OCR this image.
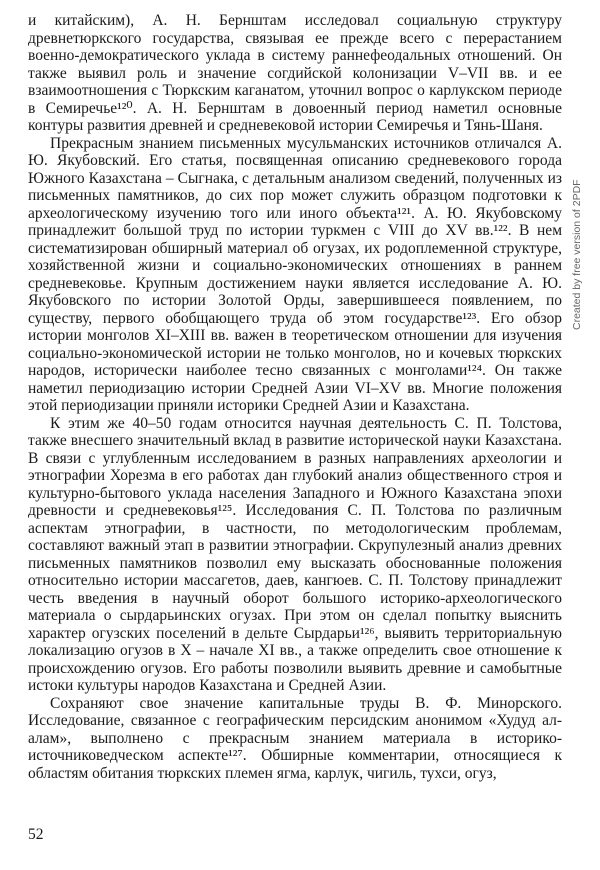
и китайским), А. Н. Бернштам исследовал социальную структуру древнетюркского государства, связывая ее прежде всего с перерастанием военно-демократического уклада в систему раннефеодальных отношений. Он также выявил роль и значение согдийской колонизации V–VII вв. и ее взаимоотношения с Тюркским каганатом, уточнил вопрос о карлукском периоде в Семиречье¹²⁰. А. Н. Бернштам в довоенный период наметил основные контуры развития древней и средневековой истории Семиречья и Тянь-Шаня.

Прекрасным знанием письменных мусульманских источников отличался А. Ю. Якубовский. Его статья, посвященная описанию средневекового города Южного Казахстана – Сыгнака, с детальным анализом сведений, полученных из письменных памятников, до сих пор может служить образцом подготовки к археологическому изучению того или иного объекта¹²¹. А. Ю. Якубовскому принадлежит большой труд по истории туркмен с VIII до XV вв.¹²². В нем систематизирован обширный материал об огузах, их родоплеменной структуре, хозяйственной жизни и социально-экономических отношениях в раннем средневековье. Крупным достижением науки является исследование А. Ю. Якубовского по истории Золотой Орды, завершившееся появлением, по существу, первого обобщающего труда об этом государстве¹²³. Его обзор истории монголов XI–XIII вв. важен в теоретическом отношении для изучения социально-экономической истории не только монголов, но и кочевых тюркских народов, исторически наиболее тесно связанных с монголами¹²⁴. Он также наметил периодизацию истории Средней Азии VI–XV вв. Многие положения этой периодизации приняли историки Средней Азии и Казахстана.

К этим же 40–50 годам относится научная деятельность С. П. Толстова, также внесшего значительный вклад в развитие исторической науки Казахстана. В связи с углубленным исследованием в разных направлениях археологии и этнографии Хорезма в его работах дан глубокий анализ общественного строя и культурно-бытового уклада населения Западного и Южного Казахстана эпохи древности и средневековья¹²⁵. Исследования С. П. Толстова по различным аспектам этнографии, в частности, по методологическим проблемам, составляют важный этап в развитии этнографии. Скрупулезный анализ древних письменных памятников позволил ему высказать обоснованные положения относительно истории массагетов, даев, кангюев. С. П. Толстову принадлежит честь введения в научный оборот большого историко-археологического материала о сырдарьинских огузах. При этом он сделал попытку выяснить характер огузских поселений в дельте Сырдарьи¹²⁶, выявить территориальную локализацию огузов в X – начале XI вв., а также определить свое отношение к происхождению огузов. Его работы позволили выявить древние и самобытные истоки культуры народов Казахстана и Средней Азии.

Сохраняют свое значение капитальные труды В. Ф. Минорского. Исследование, связанное с географическим персидским анонимом «Худуд ал-алам», выполнено с прекрасным знанием материала в историко-источниковедческом аспекте¹²⁷. Обширные комментарии, относящиеся к областям обитания тюркских племен ягма, карлук, чигиль, тухси, огуз,

Created by free version of 2PDF
52
